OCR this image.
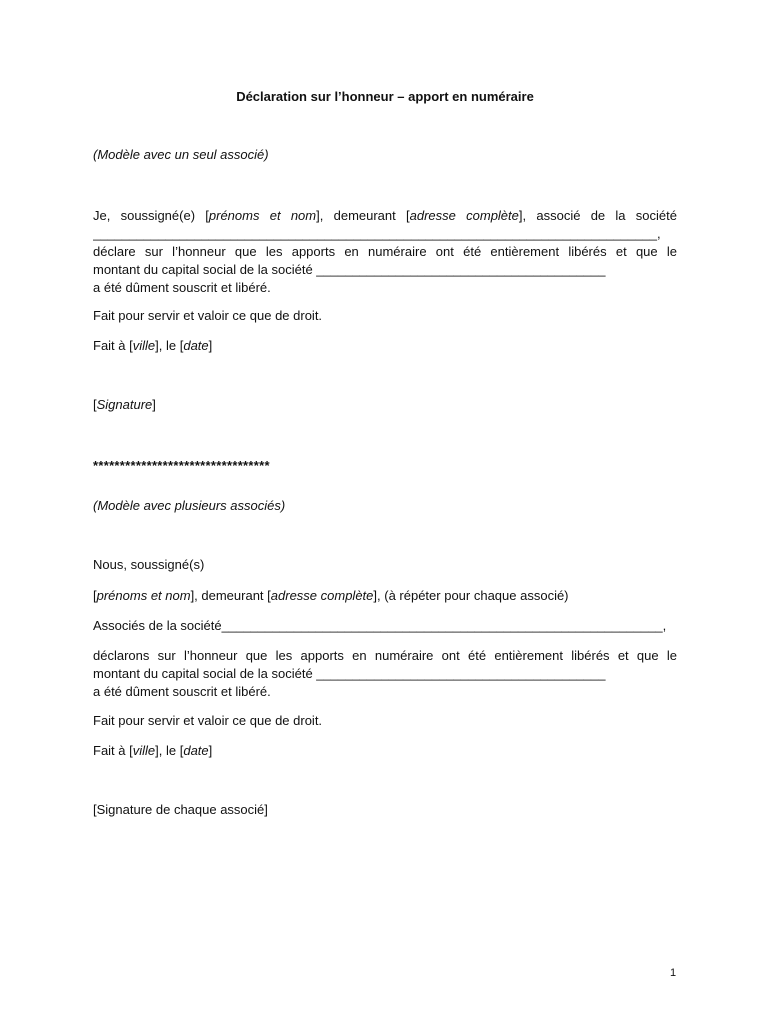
Déclaration sur l’honneur – apport en numéraire
(Modèle avec un seul associé)
Je, soussigné(e) [prénoms et nom], demeurant [adresse complète], associé de la société
______________________________________________________________________________,
déclare sur l’honneur que les apports en numéraire ont été entièrement libérés et que le
montant du capital social de la société ________________________________________
a été dûment souscrit et libéré.
Fait pour servir et valoir ce que de droit.
Fait à [ville], le [date]
[Signature]
*********************************
(Modèle avec plusieurs associés)
Nous, soussigné(s)
[prénoms et nom], demeurant [adresse complète], (à répéter pour chaque associé)
Associés de la société_____________________________________________________________,
déclarons sur l’honneur que les apports en numéraire ont été entièrement libérés et que le
montant du capital social de la société ________________________________________
a été dûment souscrit et libéré.
Fait pour servir et valoir ce que de droit.
Fait à [ville], le [date]
[Signature de chaque associé]
1
